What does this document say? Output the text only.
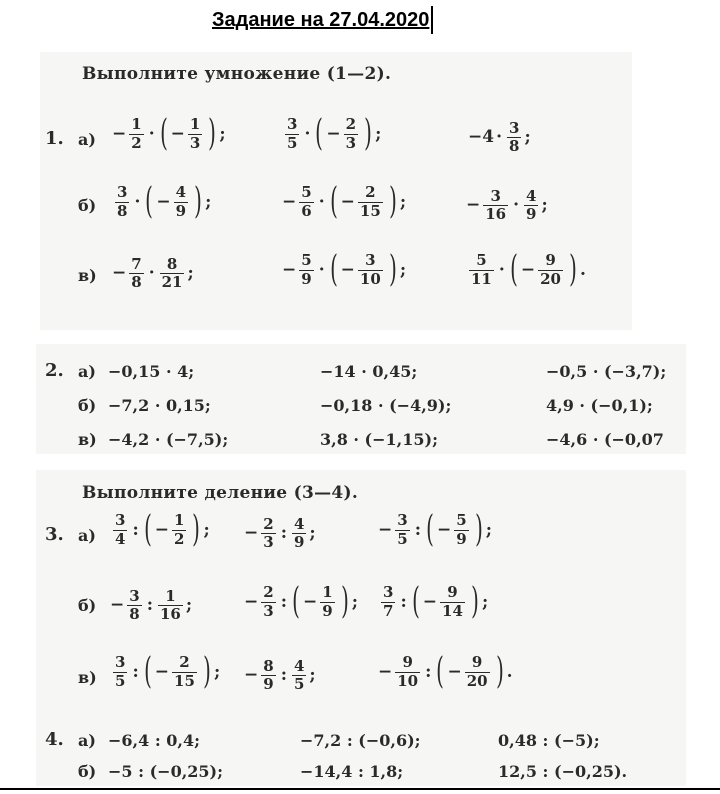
Задание на 27.04.2020
Выполните умножение (1—2).
1. а)
б)
в)
− $\frac{1}{2}$ · ( − $\frac{1}{3}$ ) ;	$\frac{3}{5}$ · ( − $\frac{2}{3}$ ) ;	$-4 \cdot \frac{3}{8}$ ;
$\frac{3}{8}$ · ( − $\frac{4}{9}$ ) ;	− $\frac{5}{6}$ · ( − $\frac{2}{15}$ ) ;	− $\frac{3}{16} \cdot \frac{4}{9}$ ;
− $\frac{7}{8} \cdot \frac{8}{21}$ ;	− $\frac{5}{9}$ · ( − $\frac{3}{10}$ ) ;	$\frac{5}{11}$ · ( − $\frac{9}{20}$ ) .
2. а)
б)
в)
−0,15 · 4;	−14 · 0,45;	−0,5 · (−3,7);
−7,2 · 0,15;	−0,18 · (−4,9);	4,9 · (−0,1);
−4,2 · (−7,5);	3,8 · (−1,15);	−4,6 · (−0,07
Выполните деление (3—4).
3. а)
б)
в)
$\frac{3}{4}$ : ( − $\frac{1}{2}$ ) ; − $\frac{2}{3}$ : $\frac{4}{9}$ ;	− $\frac{3}{5}$ : ( − $\frac{5}{9}$ ) ;
− $\frac{3}{8}$ : $\frac{1}{16}$ ;	− $\frac{2}{3}$ : ( − $\frac{1}{9}$ ) ; $\frac{3}{7}$ : ( − $\frac{9}{14}$ ) ;
$\frac{3}{5}$ : ( − $\frac{2}{15}$ ) ; − $\frac{8}{9}$ : $\frac{4}{5}$ ;	− $\frac{9}{10}$ : ( − $\frac{9}{20}$ ) .
4. а)
б)
−6,4 : 0,4;	−7,2 : (−0,6);	0,48 : (−5);
−5 : (−0,25);	−14,4 : 1,8;	12,5 : (−0,25).
